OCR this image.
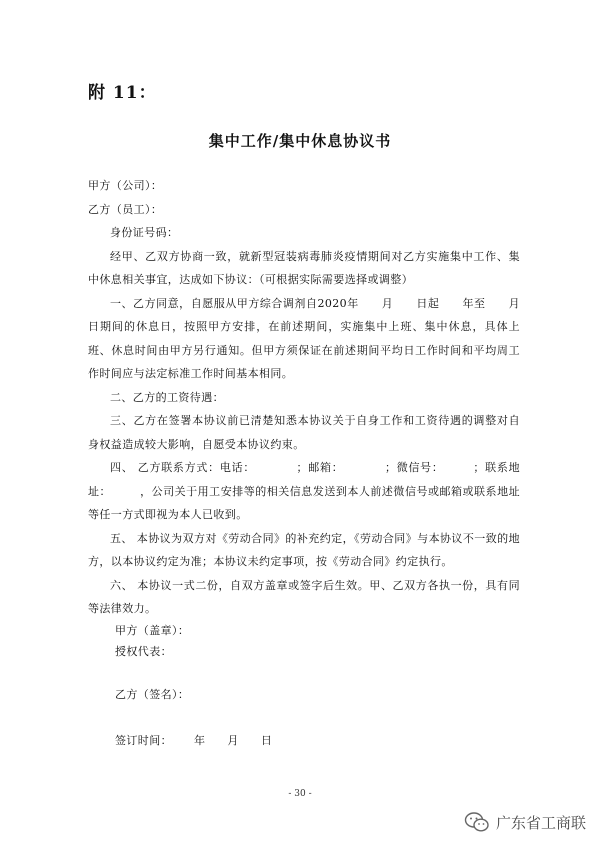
附 11：
集中工作/集中休息协议书
甲方（公司）：
乙方（员工）：
身份证号码：
经甲、乙双方协商一致，就新型冠装病毒肺炎疫情期间对乙方实施集中工作、集中休息相关事宜，达成如下协议：（可根据实际需要选择或调整）
一、乙方同意，自愿服从甲方综合调剂自2020年　　月　　日起　　年至　　月日期间的休息日，按照甲方安排，在前述期间，实施集中上班、集中休息，具体上班、休息时间由甲方另行通知。但甲方须保证在前述期间平均日工作时间和平均周工作时间应与法定标准工作时间基本相同。
二、乙方的工资待遇：
三、乙方在签署本协议前已清楚知悉本协议关于自身工作和工资待遇的调整对自身权益造成较大影响，自愿受本协议约束。
四、 乙方联系方式：电话：　　　　；邮箱：　　　　；微信号：　　　；联系地址：　　　，公司关于用工安排等的相关信息发送到本人前述微信号或邮箱或联系地址等任一方式即视为本人已收到。
五、 本协议为双方对《劳动合同》的补充约定，《劳动合同》与本协议不一致的地方，以本协议约定为准；本协议未约定事项，按《劳动合同》约定执行。
六、 本协议一式二份，自双方盖章或签字后生效。甲、乙双方各执一份，具有同等法律效力。
甲方（盖章）：
授权代表：
乙方（签名）：
签订时间： 年 月 日
- 30 -
广东省工商联
